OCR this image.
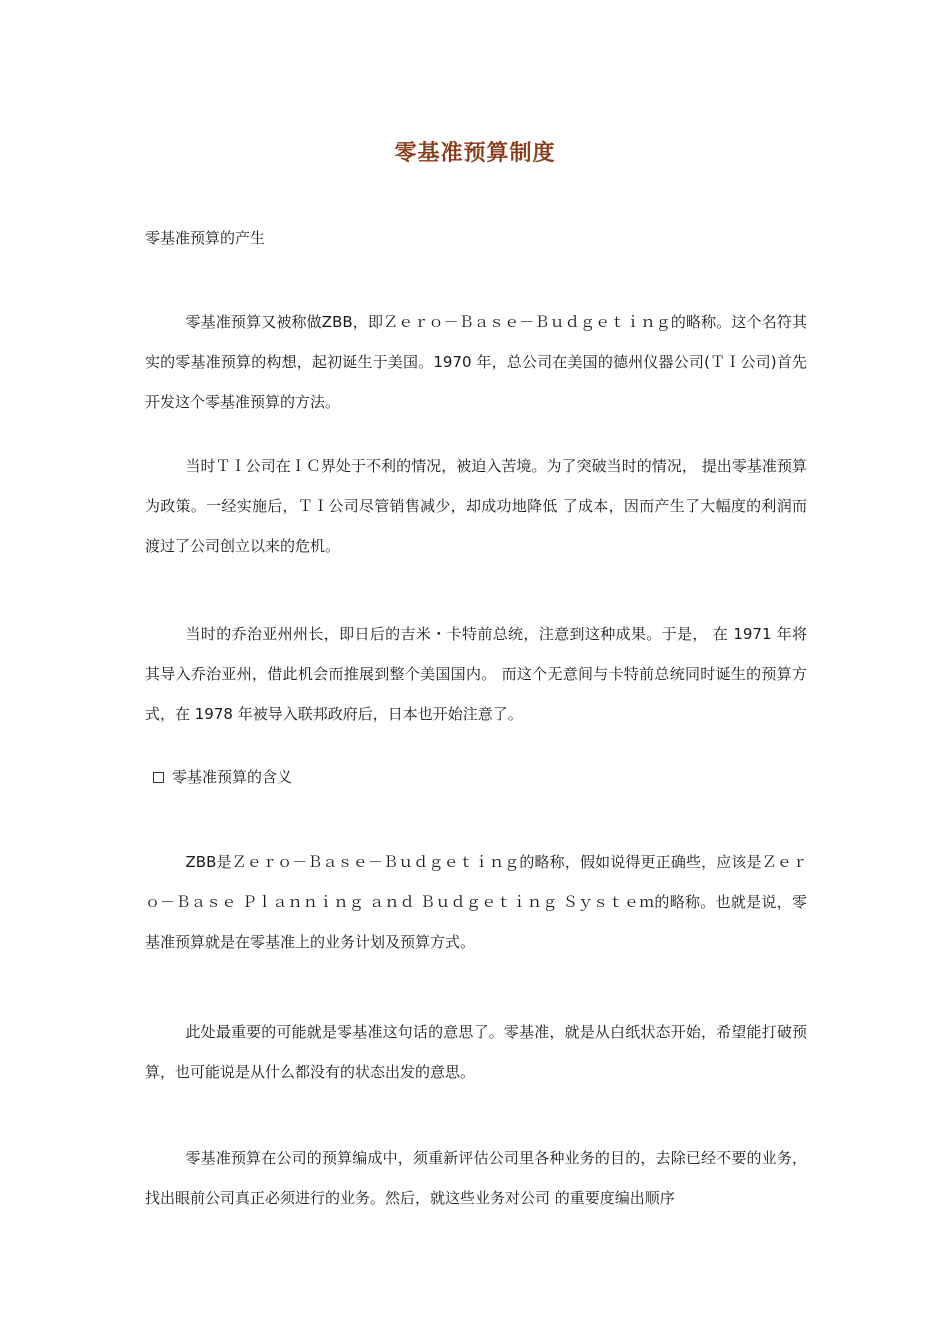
零基准预算制度
零基准预算的产生

零基准预算又被称做ZBB，即Ｚｅｒｏ－Ｂａｓｅ－Ｂｕｄｇｅｔｉｎｇ的略称。这个名符其实的零基准预算的构想，起初诞生于美国。1970 年，总公司在美国的德州仪器公司(ＴＩ公司)首先开发这个零基准预算的方法。

当时ＴＩ公司在ＩＣ界处于不利的情况，被迫入苦境。为了突破当时的情况， 提出零基准预算为政策。一经实施后，ＴＩ公司尽管销售减少，却成功地降低 了成本，因而产生了大幅度的利润而渡过了公司创立以来的危机。

当时的乔治亚州州长，即日后的吉米・卡特前总统，注意到这种成果。于是， 在 1971 年将其导入乔治亚州，借此机会而推展到整个美国国内。 而这个无意间与卡特前总统同时诞生的预算方式，在 1978 年被导入联邦政府后，日本也开始注意了。

零基准预算的含义

ZBB是Ｚｅｒｏ－Ｂａｓｅ－Ｂｕｄｇｅｔｉｎｇ的略称，假如说得更正确些，应该是Ｚｅｒｏ－Ｂａｓｅ Ｐｌａｎｎｉｎｇ ａｎｄ Ｂｕｄｇｅｔｉｎｇ Ｓｙｓｔｅｍ的略称。也就是说，零基准预算就是在零基准上的业务计划及预算方式。

此处最重要的可能就是零基准这句话的意思了。零基准，就是从白纸状态开始，希望能打破预算，也可能说是从什么都没有的状态出发的意思。

零基准预算在公司的预算编成中，须重新评估公司里各种业务的目的，去除已经不要的业务，找出眼前公司真正必须进行的业务。然后，就这些业务对公司 的重要度编出顺序
